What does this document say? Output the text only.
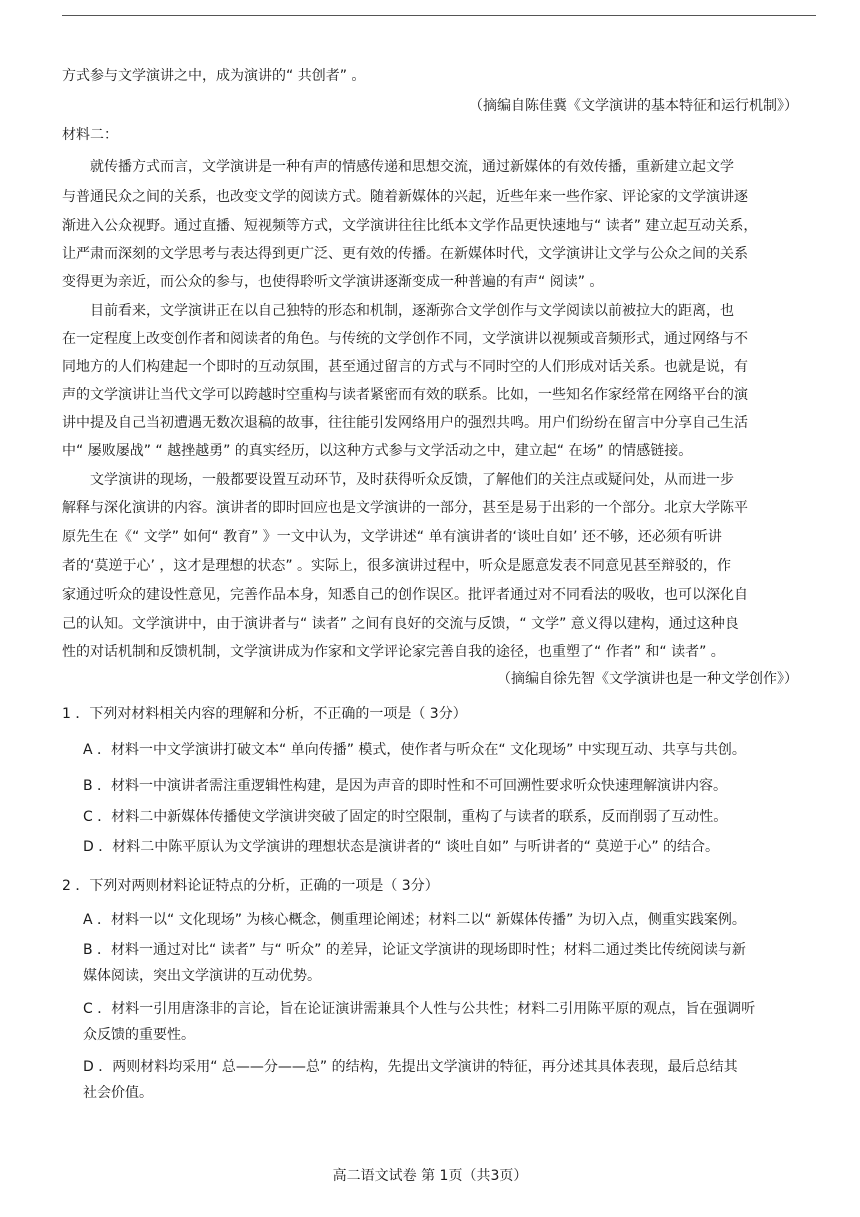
方式参与文学演讲之中，成为演讲的“ 共创者” 。
（摘编自陈佳冀《文学演讲的基本特征和运行机制》）
材料二：
就传播方式而言，文学演讲是一种有声的情感传递和思想交流，通过新媒体的有效传播，重新建立起文学
与普通民众之间的关系，也改变文学的阅读方式。随着新媒体的兴起，近些年来一些作家、评论家的文学演讲逐
渐进入公众视野。通过直播、短视频等方式，文学演讲往往比纸本文学作品更快速地与“ 读者” 建立起互动关系，
让严肃而深刻的文学思考与表达得到更广泛、更有效的传播。在新媒体时代，文学演讲让文学与公众之间的关系
变得更为亲近，而公众的参与，也使得聆听文学演讲逐渐变成一种普遍的有声“ 阅读” 。
目前看来，文学演讲正在以自己独特的形态和机制，逐渐弥合文学创作与文学阅读以前被拉大的距离，也
在一定程度上改变创作者和阅读者的角色。与传统的文学创作不同，文学演讲以视频或音频形式，通过网络与不
同地方的人们构建起一个即时的互动氛围，甚至通过留言的方式与不同时空的人们形成对话关系。也就是说，有
声的文学演讲让当代文学可以跨越时空重构与读者紧密而有效的联系。比如，一些知名作家经常在网络平台的演
讲中提及自己当初遭遇无数次退稿的故事，往往能引发网络用户的强烈共鸣。用户们纷纷在留言中分享自己生活
中“ 屡败屡战” “ 越挫越勇” 的真实经历，以这种方式参与文学活动之中，建立起“ 在场” 的情感链接。
文学演讲的现场，一般都要设置互动环节，及时获得听众反馈，了解他们的关注点或疑问处，从而进一步
解释与深化演讲的内容。演讲者的即时回应也是文学演讲的一部分，甚至是易于出彩的一个部分。北京大学陈平
原先生在《“ 文学” 如何“ 教育” 》一文中认为，文学讲述“ 单有演讲者的‘谈吐自如’ 还不够，还必须有听讲
者的‘莫逆于心’ ，这才是理想的状态” 。实际上，很多演讲过程中，听众是愿意发表不同意见甚至辩驳的，作
家通过听众的建设性意见，完善作品本身，知悉自己的创作误区。批评者通过对不同看法的吸收，也可以深化自
己的认知。文学演讲中，由于演讲者与“ 读者” 之间有良好的交流与反馈，“ 文学” 意义得以建构，通过这种良
性的对话机制和反馈机制，文学演讲成为作家和文学评论家完善自我的途径，也重塑了“ 作者” 和“ 读者” 。
（摘编自徐先智《文学演讲也是一种文学创作》）
1 ．下列对材料相关内容的理解和分析，不正确的一项是（ 3分）
A ．材料一中文学演讲打破文本“ 单向传播” 模式，使作者与听众在“ 文化现场” 中实现互动、共享与共创。
B ．材料一中演讲者需注重逻辑性构建，是因为声音的即时性和不可回溯性要求听众快速理解演讲内容。
C ．材料二中新媒体传播使文学演讲突破了固定的时空限制，重构了与读者的联系，反而削弱了互动性。
D ．材料二中陈平原认为文学演讲的理想状态是演讲者的“ 谈吐自如” 与听讲者的“ 莫逆于心” 的结合。
2 ．下列对两则材料论证特点的分析，正确的一项是（ 3分）
A ．材料一以“ 文化现场” 为核心概念，侧重理论阐述；材料二以“ 新媒体传播” 为切入点，侧重实践案例。
B ．材料一通过对比“ 读者” 与“ 听众” 的差异，论证文学演讲的现场即时性；材料二通过类比传统阅读与新
媒体阅读，突出文学演讲的互动优势。
C ．材料一引用唐涤非的言论，旨在论证演讲需兼具个人性与公共性；材料二引用陈平原的观点，旨在强调听
众反馈的重要性。
D ．两则材料均采用“ 总——分——总” 的结构，先提出文学演讲的特征，再分述其具体表现，最后总结其
社会价值。
高二语文试卷 第 1页（共3页）
